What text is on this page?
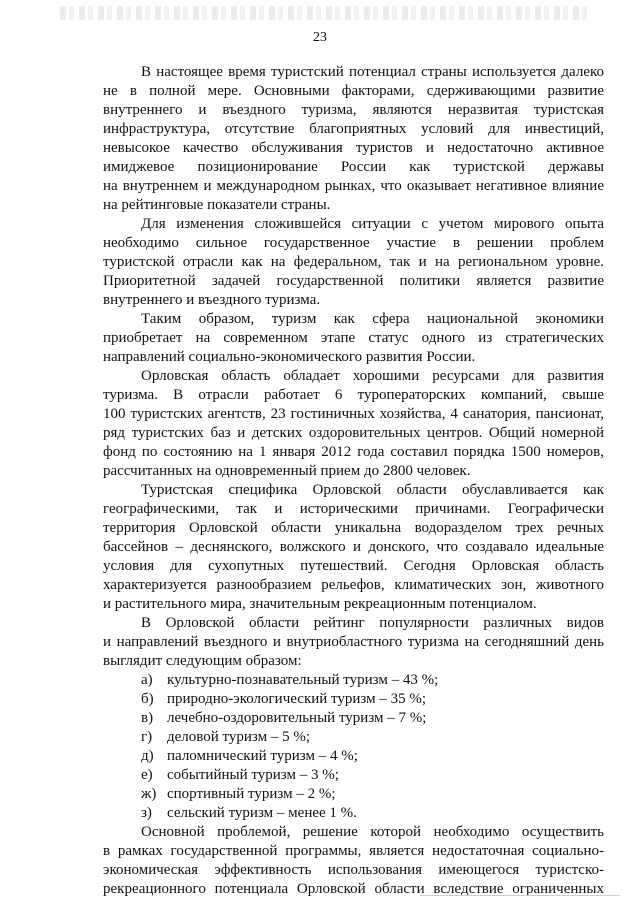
23

В настоящее время туристский потенциал страны используется далеко
не в полной мере. Основными факторами, сдерживающими развитие
внутреннего и въездного туризма, являются неразвитая туристская
инфраструктура, отсутствие благоприятных условий для инвестиций,
невысокое качество обслуживания туристов и недостаточно активное
имиджевое позиционирование России как туристской державы
на внутреннем и международном рынках, что оказывает негативное влияние
на рейтинговые показатели страны.

Для изменения сложившейся ситуации с учетом мирового опыта
необходимо сильное государственное участие в решении проблем
туристской отрасли как на федеральном, так и на региональном уровне.
Приоритетной задачей государственной политики является развитие
внутреннего и въездного туризма.

Таким образом, туризм как сфера национальной экономики
приобретает на современном этапе статус одного из стратегических
направлений социально-экономического развития России.

Орловская область обладает хорошими ресурсами для развития
туризма. В отрасли работает 6 туроператорских компаний, свыше
100 туристских агентств, 23 гостиничных хозяйства, 4 санатория, пансионат,
ряд туристских баз и детских оздоровительных центров. Общий номерной
фонд по состоянию на 1 января 2012 года составил порядка 1500 номеров,
рассчитанных на одновременный прием до 2800 человек.

Туристская специфика Орловской области обуславливается как
географическими, так и историческими причинами. Географически
территория Орловской области уникальна водоразделом трех речных
бассейнов – деснянского, волжского и донского, что создавало идеальные
условия для сухопутных путешествий. Сегодня Орловская область
характеризуется разнообразием рельефов, климатических зон, животного
и растительного мира, значительным рекреационным потенциалом.

В Орловской области рейтинг популярности различных видов
и направлений въездного и внутриобластного туризма на сегодняшний день
выглядит следующим образом:

а) культурно-познавательный туризм – 43 %;
б) природно-экологический туризм – 35 %;
в) лечебно-оздоровительный туризм – 7 %;
г) деловой туризм – 5 %;
д) паломнический туризм – 4 %;
е) событийный туризм – 3 %;
ж) спортивный туризм – 2 %;
з) сельский туризм – менее 1 %.

Основной проблемой, решение которой необходимо осуществить
в рамках государственной программы, является недостаточная социально-
экономическая эффективность использования имеющегося туристско-
рекреационного потенциала Орловской области вследствие ограниченных
